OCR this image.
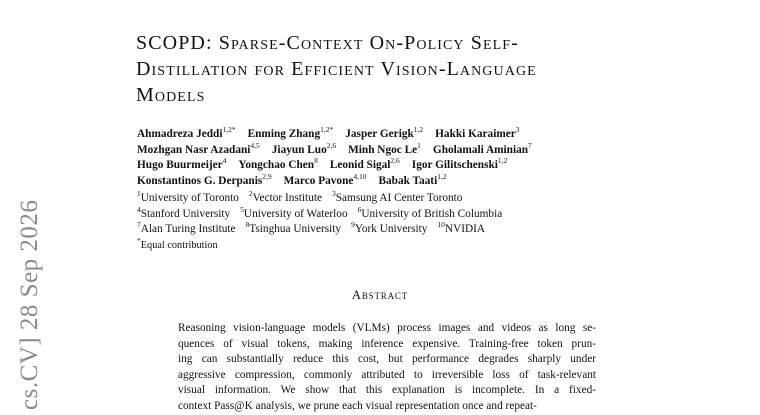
cs.CV] 28 Sep 2026
SCOPD: Sparse-Context On-Policy Self-
Distillation for Efficient Vision-Language
Models
Ahmadreza Jeddi$^{1,2*}$ Enming Zhang$^{1,2*}$ Jasper Gerigk$^{1,2}$ Hakki Karaimer$^3$
Mozhgan Nasr Azadani$^{4,5}$ Jiayun Luo$^{2,6}$ Minh Ngoc Le$^1$ Gholamali Aminian$^7$
Hugo Buurmeijer$^4$ Yongchao Chen$^8$ Leonid Sigal$^{2,6}$ Igor Gilitschenski$^{1,2}$
Konstantinos G. Derpanis$^{2,9}$ Marco Pavone$^{4,10}$ Babak Taati$^{1,2}$
$^1$University of Toronto $^2$Vector Institute $^3$Samsung AI Center Toronto
$^4$Stanford University $^5$University of Waterloo $^6$University of British Columbia
$^7$Alan Turing Institute $^8$Tsinghua University $^9$York University $^{10}$NVIDIA
*Equal contribution
Abstract
Reasoning vision-language models (VLMs) process images and videos as long se-
quences of visual tokens, making inference expensive. Training-free token prun-
ing can substantially reduce this cost, but performance degrades sharply under
aggressive compression, commonly attributed to irreversible loss of task-relevant
visual information. We show that this explanation is incomplete. In a fixed-
context Pass@K analysis, we prune each visual representation once and repeat-
